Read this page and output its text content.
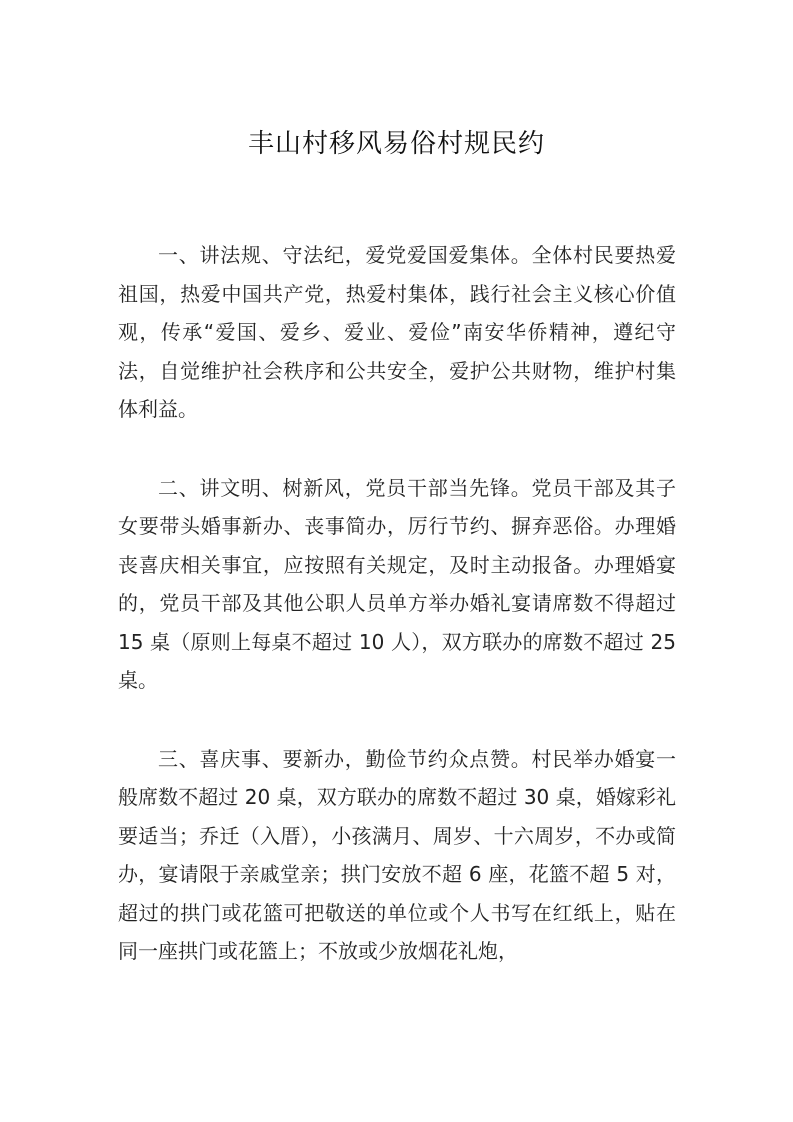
丰山村移风易俗村规民约

一、讲法规、守法纪，爱党爱国爱集体。全体村民要热爱祖国，热爱中国共产党，热爱村集体，践行社会主义核心价值观，传承“爱国、爱乡、爱业、爱俭”南安华侨精神，遵纪守法，自觉维护社会秩序和公共安全，爱护公共财物，维护村集体利益。

二、讲文明、树新风，党员干部当先锋。党员干部及其子女要带头婚事新办、丧事简办，厉行节约、摒弃恶俗。办理婚丧喜庆相关事宜，应按照有关规定，及时主动报备。办理婚宴的，党员干部及其他公职人员单方举办婚礼宴请席数不得超过 15 桌（原则上每桌不超过 10 人），双方联办的席数不超过 25 桌。

三、喜庆事、要新办，勤俭节约众点赞。村民举办婚宴一般席数不超过 20 桌，双方联办的席数不超过 30 桌，婚嫁彩礼要适当；乔迁（入厝），小孩满月、周岁、十六周岁，不办或简办，宴请限于亲戚堂亲；拱门安放不超 6 座，花篮不超 5 对，超过的拱门或花篮可把敬送的单位或个人书写在红纸上，贴在同一座拱门或花篮上；不放或少放烟花礼炮，
